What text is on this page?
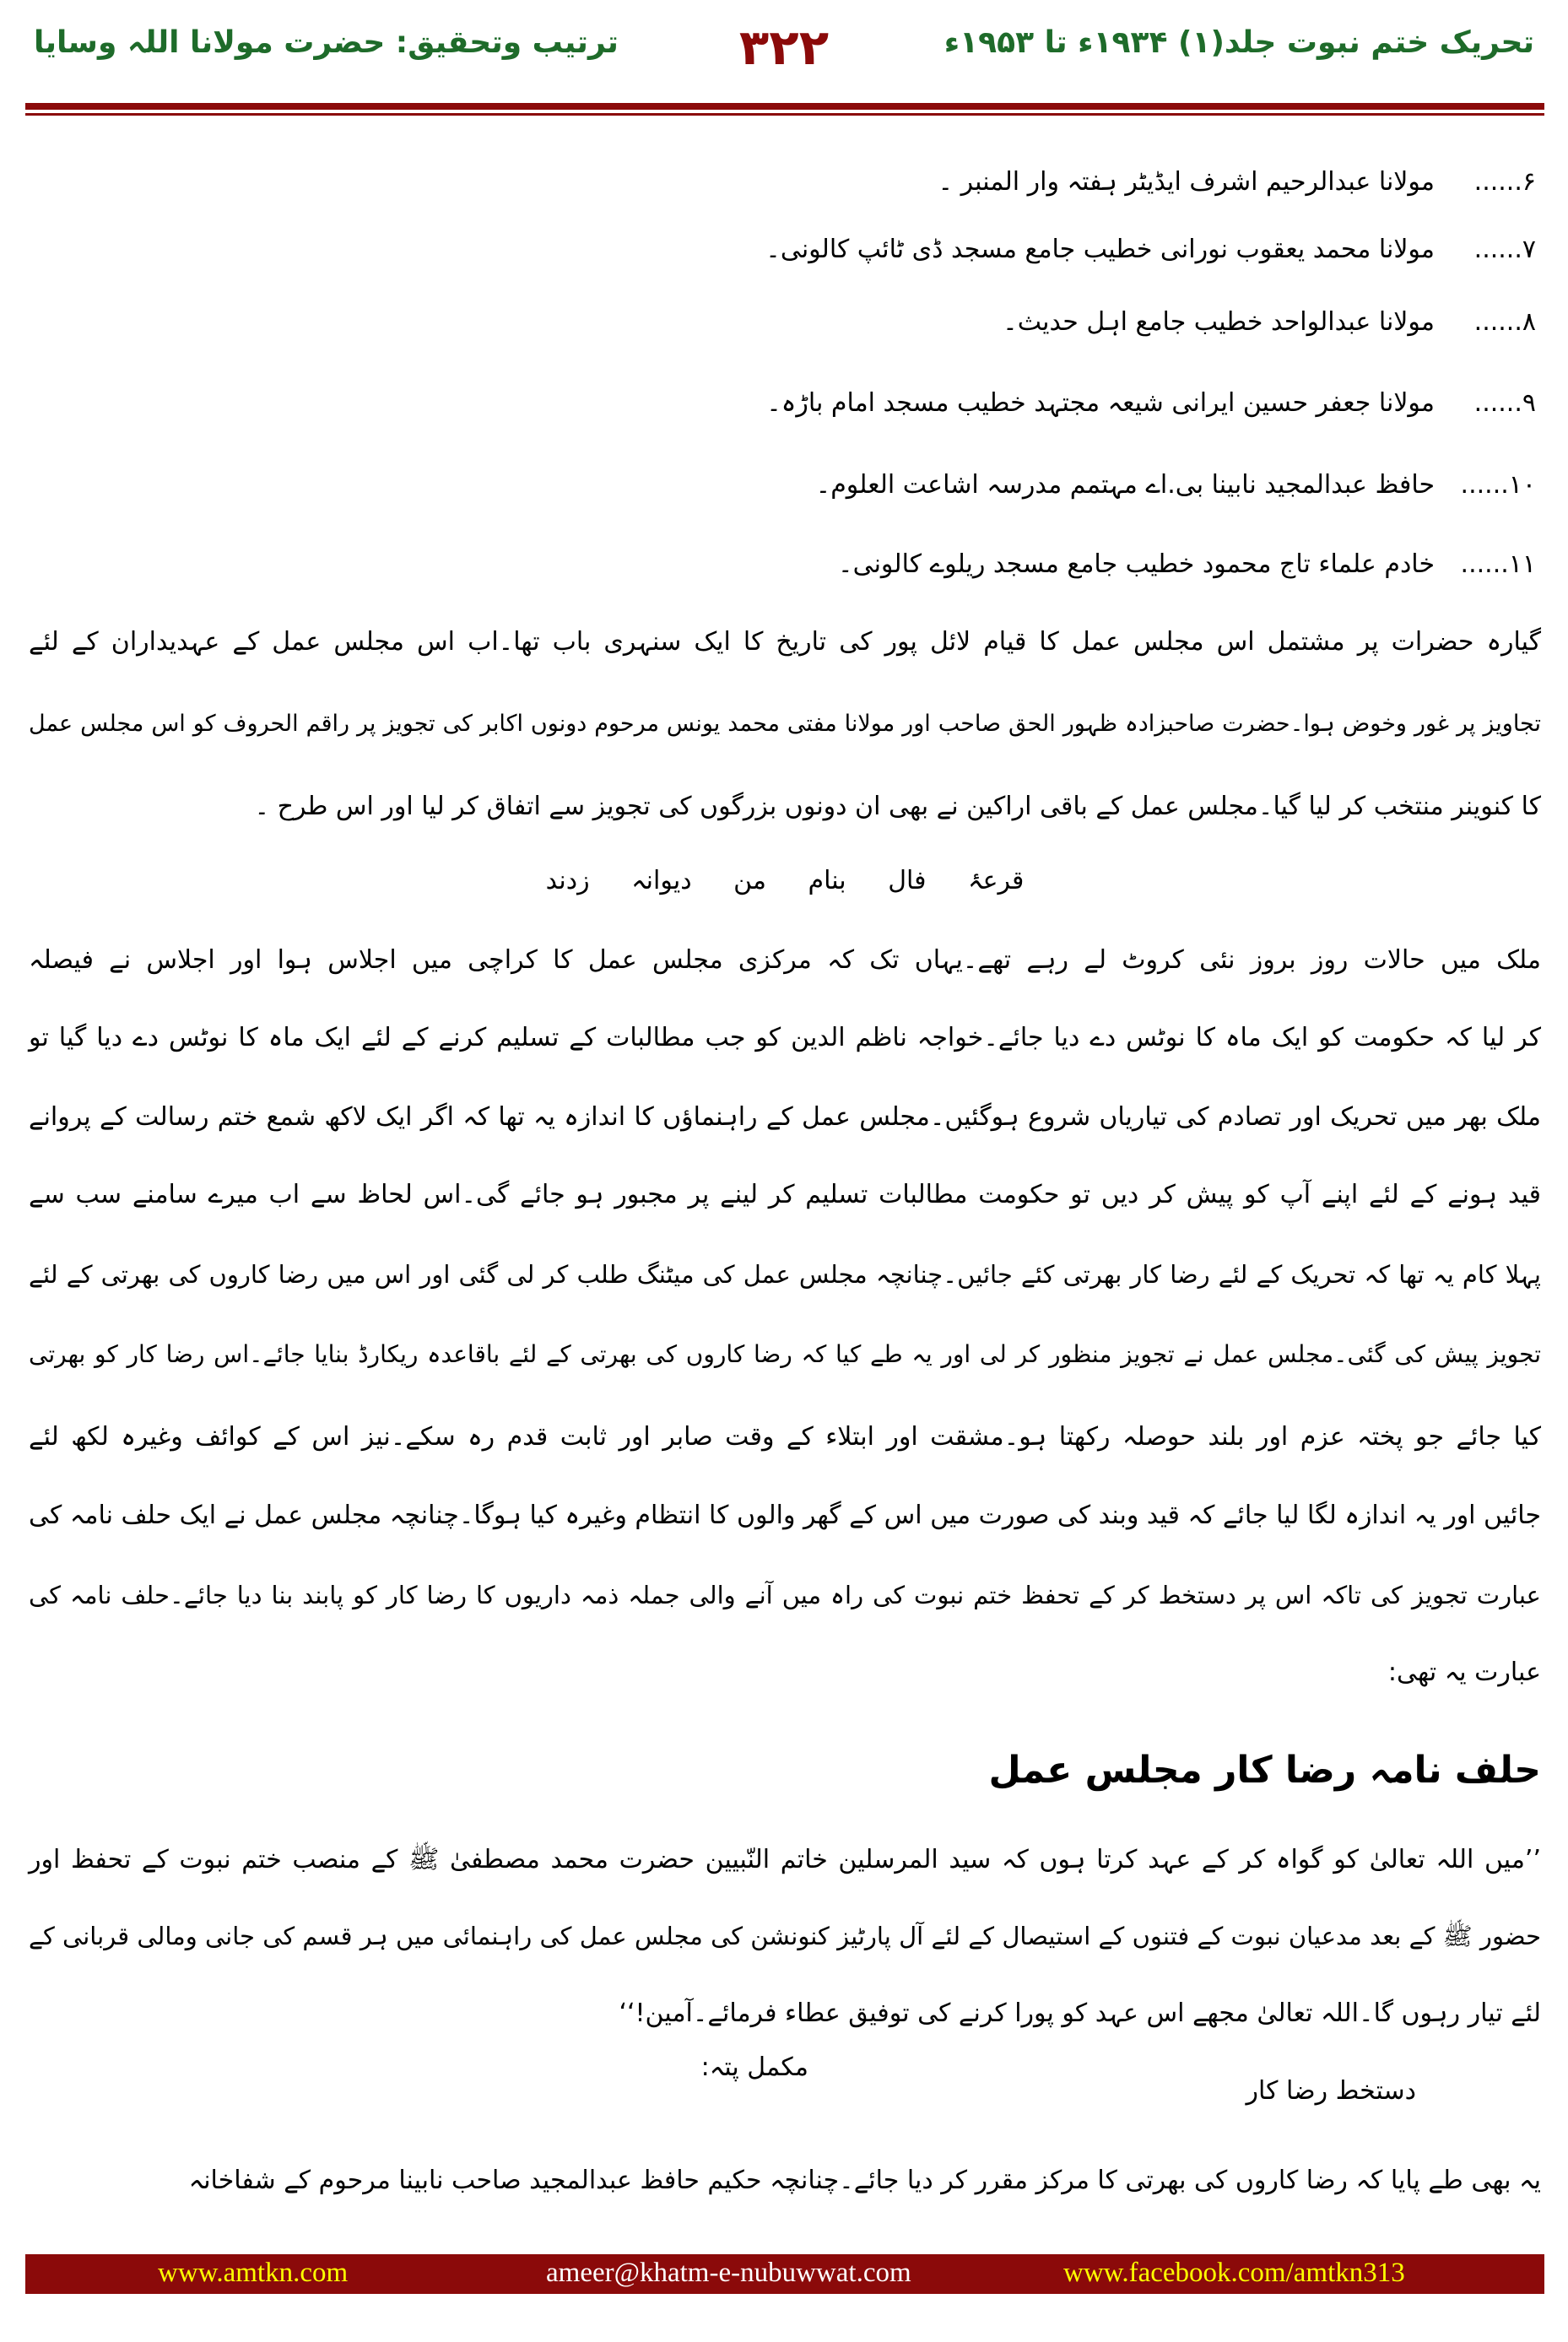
تحریک ختم نبوت جلد(۱) ۱۹۳۴ء تا ۱۹۵۳ء
۳۲۲
ترتیب وتحقیق: حضرت مولانا اللہ وسایا
۶......مولانا عبدالرحیم اشرف ایڈیٹر ہفتہ وار المنبر ۔
۷......مولانا محمد یعقوب نورانی خطیب جامع مسجد ڈی ٹائپ کالونی۔
۸......مولانا عبدالواحد خطیب جامع اہل حدیث۔
۹......مولانا جعفر حسین ایرانی شیعہ مجتہد خطیب مسجد امام باڑہ۔
۱۰......حافظ عبدالمجید نابینا بی.اے مہتمم مدرسہ اشاعت العلوم۔
۱۱......خادم علماء تاج محمود خطیب جامع مسجد ریلوے کالونی۔
گیارہ حضرات پر مشتمل اس مجلس عمل کا قیام لائل پور کی تاریخ کا ایک سنہری باب تھا۔اب اس مجلس عمل کے عہدیداران کے لئے
تجاویز پر غور وخوض ہوا۔حضرت صاحبزادہ ظہور الحق صاحب اور مولانا مفتی محمد یونس مرحوم دونوں اکابر کی تجویز پر راقم الحروف کو اس مجلس عمل
کا کنوینر منتخب کر لیا گیا۔مجلس عمل کے باقی اراکین نے بھی ان دونوں بزرگوں کی تجویز سے اتفاق کر لیا اور اس طرح ۔
قرعۂ فال بنام من دیوانہ زدند
ملک میں حالات روز بروز نئی کروٹ لے رہے تھے۔یہاں تک کہ مرکزی مجلس عمل کا کراچی میں اجلاس ہوا اور اجلاس نے فیصلہ
کر لیا کہ حکومت کو ایک ماہ کا نوٹس دے دیا جائے۔خواجہ ناظم الدین کو جب مطالبات کے تسلیم کرنے کے لئے ایک ماہ کا نوٹس دے دیا گیا تو
ملک بھر میں تحریک اور تصادم کی تیاریاں شروع ہوگئیں۔مجلس عمل کے راہنماؤں کا اندازہ یہ تھا کہ اگر ایک لاکھ شمع ختم رسالت کے پروانے
قید ہونے کے لئے اپنے آپ کو پیش کر دیں تو حکومت مطالبات تسلیم کر لینے پر مجبور ہو جائے گی۔اس لحاظ سے اب میرے سامنے سب سے
پہلا کام یہ تھا کہ تحریک کے لئے رضا کار بھرتی کئے جائیں۔چنانچہ مجلس عمل کی میٹنگ طلب کر لی گئی اور اس میں رضا کاروں کی بھرتی کے لئے
تجویز پیش کی گئی۔مجلس عمل نے تجویز منظور کر لی اور یہ طے کیا کہ رضا کاروں کی بھرتی کے لئے باقاعدہ ریکارڈ بنایا جائے۔اس رضا کار کو بھرتی
کیا جائے جو پختہ عزم اور بلند حوصلہ رکھتا ہو۔مشقت اور ابتلاء کے وقت صابر اور ثابت قدم رہ سکے۔نیز اس کے کوائف وغیرہ لکھ لئے
جائیں اور یہ اندازہ لگا لیا جائے کہ قید وبند کی صورت میں اس کے گھر والوں کا انتظام وغیرہ کیا ہوگا۔چنانچہ مجلس عمل نے ایک حلف نامہ کی
عبارت تجویز کی تاکہ اس پر دستخط کر کے تحفظ ختم نبوت کی راہ میں آنے والی جملہ ذمہ داریوں کا رضا کار کو پابند بنا دیا جائے۔حلف نامہ کی
عبارت یہ تھی:
حلف نامہ رضا کار مجلس عمل
’’میں اللہ تعالیٰ کو گواہ کر کے عہد کرتا ہوں کہ سید المرسلین خاتم النّبیین حضرت محمد مصطفیٰ ﷺ کے منصب ختم نبوت کے تحفظ اور
حضور ﷺ کے بعد مدعیان نبوت کے فتنوں کے استیصال کے لئے آل پارٹیز کنونشن کی مجلس عمل کی راہنمائی میں ہر قسم کی جانی ومالی قربانی کے
لئے تیار رہوں گا۔اللہ تعالیٰ مجھے اس عہد کو پورا کرنے کی توفیق عطاء فرمائے۔آمین!‘‘
دستخط رضا کار
مکمل پتہ:
یہ بھی طے پایا کہ رضا کاروں کی بھرتی کا مرکز مقرر کر دیا جائے۔چنانچہ حکیم حافظ عبدالمجید صاحب نابینا مرحوم کے شفاخانہ
www.amtkn.com	ameer@khatm-e-nubuwwat.com	www.facebook.com/amtkn313
